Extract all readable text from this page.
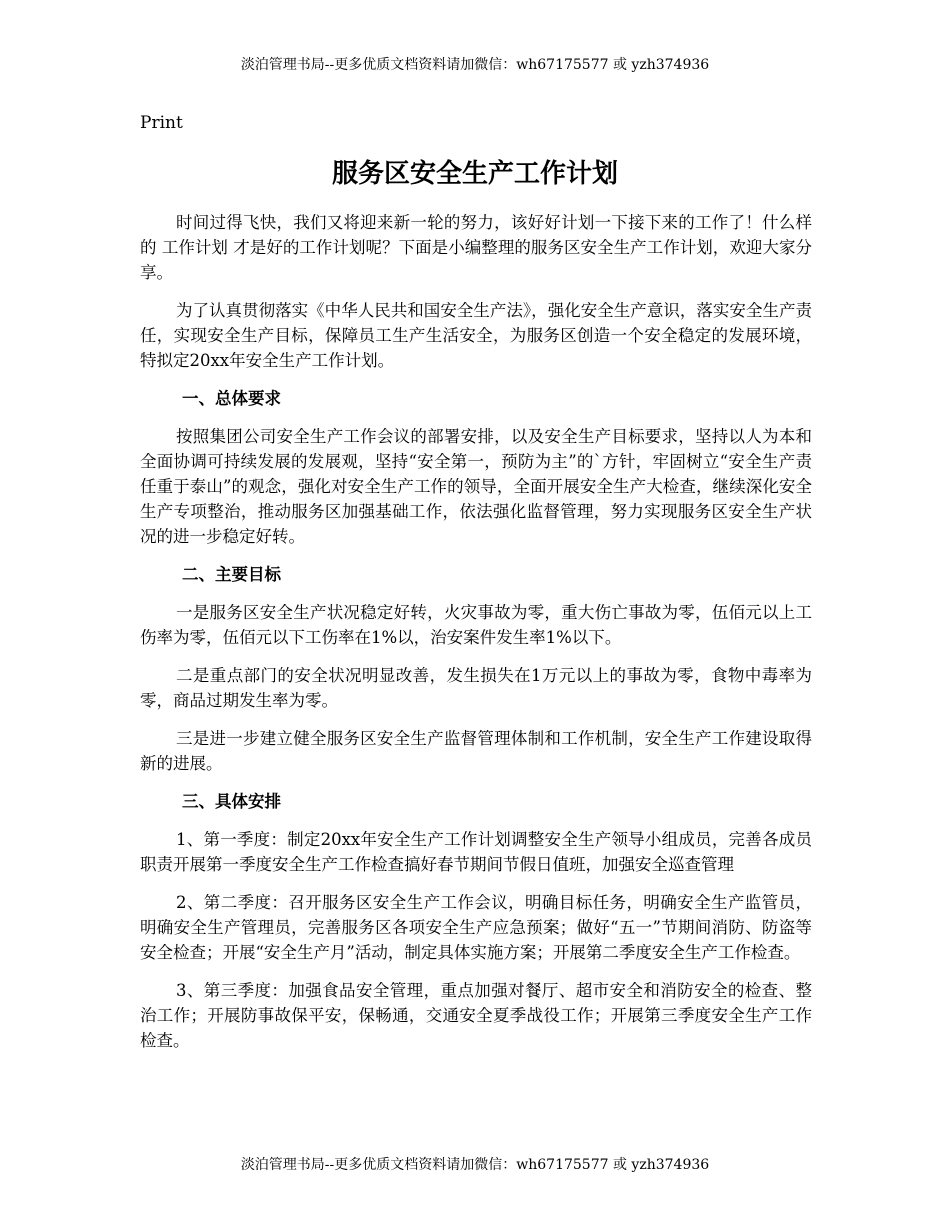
淡泊管理书局--更多优质文档资料请加微信：wh67175577 或 yzh374936
Print
服务区安全生产工作计划

时间过得飞快，我们又将迎来新一轮的努力，该好好计划一下接下来的工作了！什么样的 工作计划 才是好的工作计划呢？下面是小编整理的服务区安全生产工作计划，欢迎大家分享。

为了认真贯彻落实《中华人民共和国安全生产法》，强化安全生产意识，落实安全生产责任，实现安全生产目标，保障员工生产生活安全，为服务区创造一个安全稳定的发展环境，特拟定20xx年安全生产工作计划。

一、总体要求

按照集团公司安全生产工作会议的部署安排，以及安全生产目标要求，坚持以人为本和全面协调可持续发展的发展观，坚持“安全第一，预防为主”的`方针，牢固树立“安全生产责任重于泰山”的观念，强化对安全生产工作的领导，全面开展安全生产大检查，继续深化安全生产专项整治，推动服务区加强基础工作，依法强化监督管理，努力实现服务区安全生产状况的进一步稳定好转。

二、主要目标

一是服务区安全生产状况稳定好转，火灾事故为零，重大伤亡事故为零，伍佰元以上工伤率为零，伍佰元以下工伤率在1%以，治安案件发生率1%以下。

二是重点部门的安全状况明显改善，发生损失在1万元以上的事故为零，食物中毒率为零，商品过期发生率为零。

三是进一步建立健全服务区安全生产监督管理体制和工作机制，安全生产工作建设取得新的进展。

三、具体安排

1、第一季度：制定20xx年安全生产工作计划调整安全生产领导小组成员，完善各成员职责开展第一季度安全生产工作检查搞好春节期间节假日值班，加强安全巡查管理

2、第二季度：召开服务区安全生产工作会议，明确目标任务，明确安全生产监管员，明确安全生产管理员，完善服务区各项安全生产应急预案；做好“五一”节期间消防、防盗等安全检查；开展“安全生产月”活动，制定具体实施方案；开展第二季度安全生产工作检查。

3、第三季度：加强食品安全管理，重点加强对餐厅、超市安全和消防安全的检查、整治工作；开展防事故保平安，保畅通，交通安全夏季战役工作；开展第三季度安全生产工作检查。

淡泊管理书局--更多优质文档资料请加微信：wh67175577 或 yzh374936
